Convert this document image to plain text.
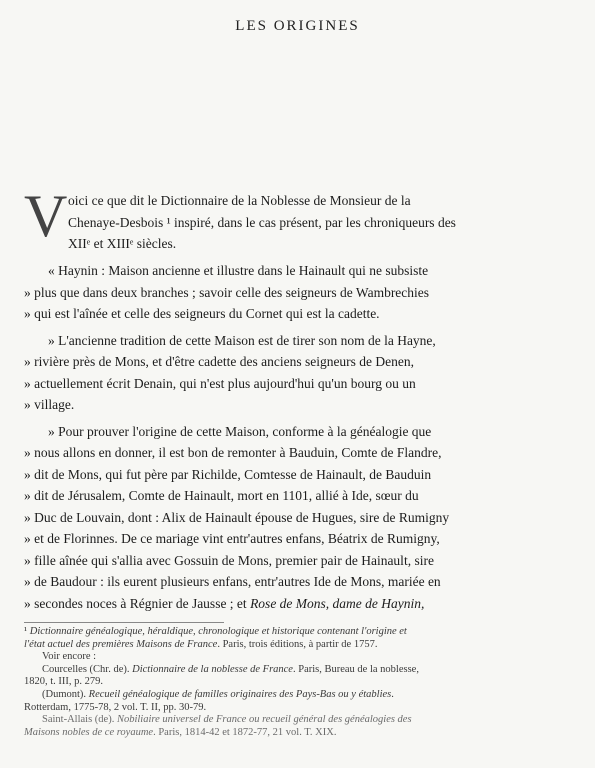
LES ORIGINES
V oici ce que dit le Dictionnaire de la Noblesse de Monsieur de la
Chenaye-Desbois ¹ inspiré, dans le cas présent, par les chroniqueurs des
XIIᵉ et XIIIᵉ siècles.
« Haynin : Maison ancienne et illustre dans le Hainault qui ne subsiste
» plus que dans deux branches ; savoir celle des seigneurs de Wambrechies
» qui est l'aînée et celle des seigneurs du Cornet qui est la cadette.
» L'ancienne tradition de cette Maison est de tirer son nom de la Hayne,
» rivière près de Mons, et d'être cadette des anciens seigneurs de Denen,
» actuellement écrit Denain, qui n'est plus aujourd'hui qu'un bourg ou un
» village.
» Pour prouver l'origine de cette Maison, conforme à la généalogie que
» nous allons en donner, il est bon de remonter à Bauduin, Comte de Flandre,
» dit de Mons, qui fut père par Richilde, Comtesse de Hainault, de Bauduin
» dit de Jérusalem, Comte de Hainault, mort en 1101, allié à Ide, sœur du
» Duc de Louvain, dont : Alix de Hainault épouse de Hugues, sire de Rumigny
» et de Florinnes. De ce mariage vint entr'autres enfans, Béatrix de Rumigny,
» fille aînée qui s'allia avec Gossuin de Mons, premier pair de Hainault, sire
» de Baudour : ils eurent plusieurs enfans, entr'autres Ide de Mons, mariée en
» secondes noces à Régnier de Jausse ; et Rose de Mons, dame de Haynin,
¹ Dictionnaire généalogique, héraldique, chronologique et historique contenant l'origine et
l'état actuel des premières Maisons de France. Paris, trois éditions, à partir de 1757.
Voir encore :
Courcelles (Chr. de). Dictionnaire de la noblesse de France. Paris, Bureau de la noblesse,
1820, t. III, p. 279.
(Dumont). Recueil généalogique de familles originaires des Pays-Bas ou y établies.
Rotterdam, 1775-78, 2 vol. T. II, pp. 30-79.
Saint-Allais (de). Nobiliaire universel de France ou recueil général des généalogies des
Maisons nobles de ce royaume. Paris, 1814-42 et 1872-77, 21 vol. T. XIX.
